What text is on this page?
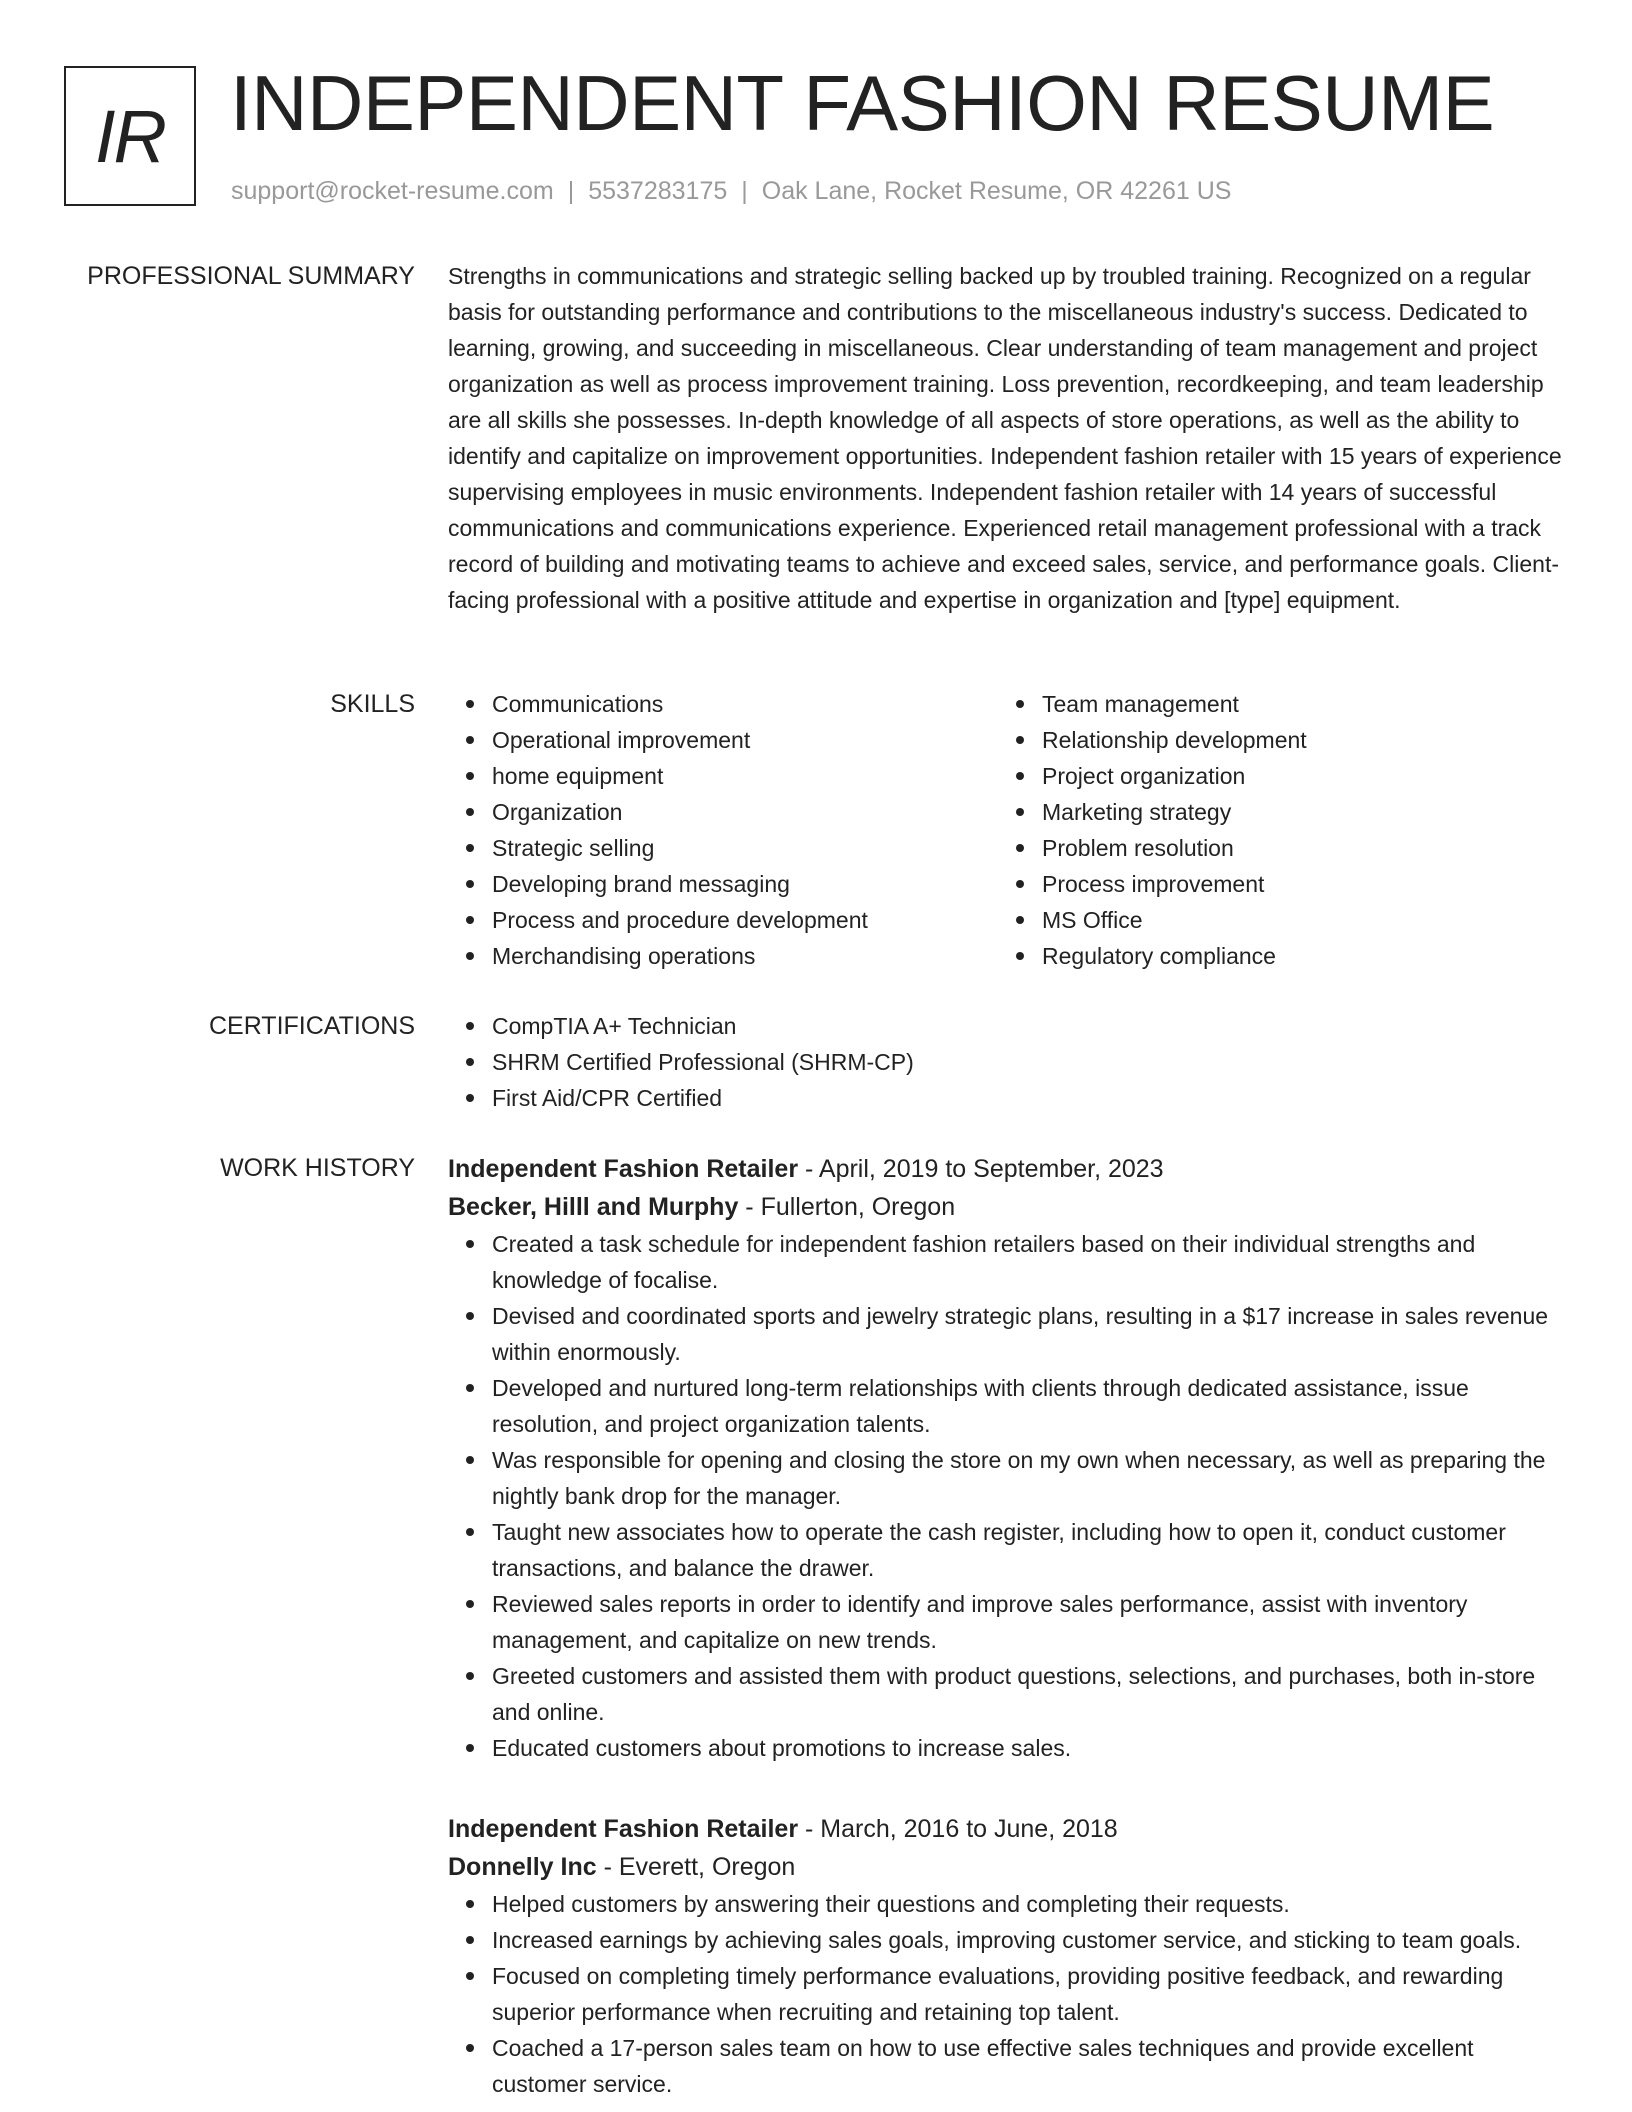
IR INDEPENDENT FASHION RESUME
support@rocket-resume.com | 5537283175 | Oak Lane, Rocket Resume, OR 42261 US
PROFESSIONAL SUMMARY Strengths in communications and strategic selling backed up by troubled training. Recognized on a regular basis for outstanding performance and contributions to the miscellaneous industry's success. Dedicated to learning, growing, and succeeding in miscellaneous. Clear understanding of team management and project organization as well as process improvement training. Loss prevention, recordkeeping, and team leadership are all skills she possesses. In-depth knowledge of all aspects of store operations, as well as the ability to identify and capitalize on improvement opportunities. Independent fashion retailer with 15 years of experience supervising employees in music environments. Independent fashion retailer with 14 years of successful communications and communications experience. Experienced retail management professional with a track record of building and motivating teams to achieve and exceed sales, service, and performance goals. Client-facing professional with a positive attitude and expertise in organization and [type] equipment.

SKILLS	Communications
Operational improvement
home equipment
Organization
Strategic selling
Developing brand messaging
Process and procedure development
Merchandising operations
Team management
Relationship development
Project organization
Marketing strategy
Problem resolution
Process improvement
MS Office
Regulatory compliance
CERTIFICATIONS	CompTIA A+ Technician
SHRM Certified Professional (SHRM-CP)
First Aid/CPR Certified
WORK HISTORY Independent Fashion Retailer - April, 2019 to September, 2023
Becker, Hilll and Murphy - Fullerton, Oregon
Created a task schedule for independent fashion retailers based on their individual strengths and knowledge of focalise.
Devised and coordinated sports and jewelry strategic plans, resulting in a $17 increase in sales revenue within enormously.
Developed and nurtured long-term relationships with clients through dedicated assistance, issue resolution, and project organization talents.
Was responsible for opening and closing the store on my own when necessary, as well as preparing the nightly bank drop for the manager.
Taught new associates how to operate the cash register, including how to open it, conduct customer transactions, and balance the drawer.
Reviewed sales reports in order to identify and improve sales performance, assist with inventory management, and capitalize on new trends.
Greeted customers and assisted them with product questions, selections, and purchases, both in-store and online.
Educated customers about promotions to increase sales.
Independent Fashion Retailer - March, 2016 to June, 2018
Donnelly Inc - Everett, Oregon
Helped customers by answering their questions and completing their requests.
Increased earnings by achieving sales goals, improving customer service, and sticking to team goals.
Focused on completing timely performance evaluations, providing positive feedback, and rewarding superior performance when recruiting and retaining top talent.
Coached a 17-person sales team on how to use effective sales techniques and provide excellent customer service.
